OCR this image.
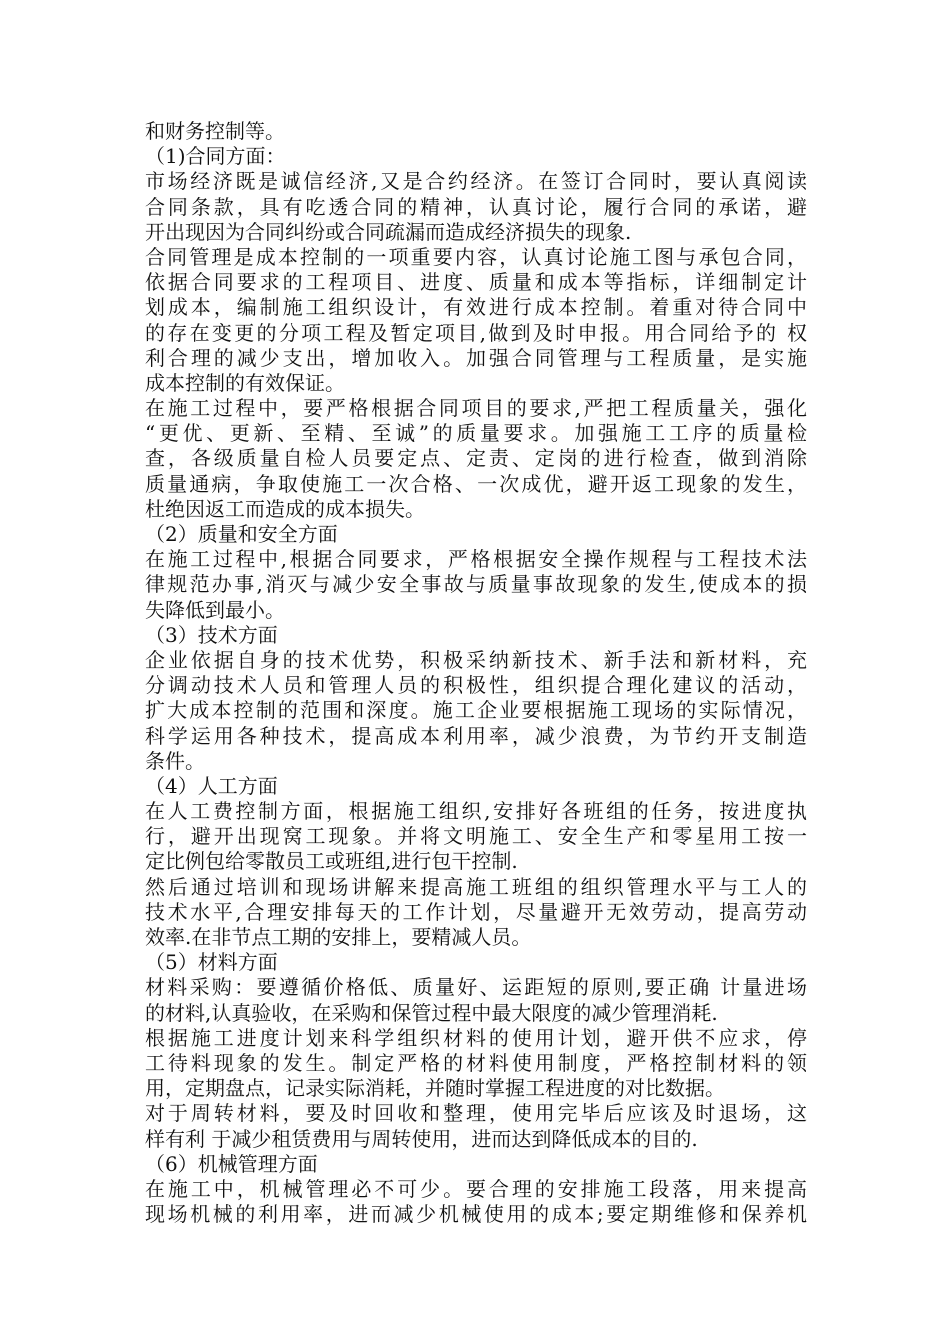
和财务控制等。
（1)合同方面：
市场经济既是诚信经济,又是合约经济。在签订合同时，要认真阅读
合同条款，具有吃透合同的精神，认真讨论，履行合同的承诺，避
开出现因为合同纠纷或合同疏漏而造成经济损失的现象.
合同管理是成本控制的一项重要内容，认真讨论施工图与承包合同，
依据合同要求的工程项目、进度、质量和成本等指标，详细制定计
划成本，编制施工组织设计，有效进行成本控制。着重对待合同中
的存在变更的分项工程及暂定项目,做到及时申报。用合同给予的 权
利合理的减少支出，增加收入。加强合同管理与工程质量，是实施
成本控制的有效保证。
在施工过程中，要严格根据合同项目的要求,严把工程质量关，强化
“更优、更新、至精、至诚”的质量要求。加强施工工序的质量检
查，各级质量自检人员要定点、定责、定岗的进行检查，做到消除
质量通病，争取使施工一次合格、一次成优，避开返工现象的发生，
杜绝因返工而造成的成本损失。
（2）质量和安全方面
在施工过程中,根据合同要求，严格根据安全操作规程与工程技术法
律规范办事,消灭与减少安全事故与质量事故现象的发生,使成本的损
失降低到最小。
（3）技术方面
企业依据自身的技术优势，积极采纳新技术、新手法和新材料，充
分调动技术人员和管理人员的积极性，组织提合理化建议的活动，
扩大成本控制的范围和深度。施工企业要根据施工现场的实际情况，
科学运用各种技术，提高成本利用率，减少浪费，为节约开支制造
条件。
（4）人工方面
在人工费控制方面，根据施工组织,安排好各班组的任务，按进度执
行，避开出现窝工现象。并将文明施工、安全生产和零星用工按一
定比例包给零散员工或班组,进行包干控制.
然后通过培训和现场讲解来提高施工班组的组织管理水平与工人的
技术水平,合理安排每天的工作计划，尽量避开无效劳动，提高劳动
效率.在非节点工期的安排上，要精减人员。
（5）材料方面
材料采购：要遵循价格低、质量好、运距短的原则,要正确 计量进场
的材料,认真验收，在采购和保管过程中最大限度的减少管理消耗.
根据施工进度计划来科学组织材料的使用计划，避开供不应求，停
工待料现象的发生。制定严格的材料使用制度，严格控制材料的领
用，定期盘点，记录实际消耗，并随时掌握工程进度的对比数据。
对于周转材料，要及时回收和整理，使用完毕后应该及时退场，这
样有利 于减少租赁费用与周转使用，进而达到降低成本的目的.
（6）机械管理方面
在施工中，机械管理必不可少。要合理的安排施工段落，用来提高
现场机械的利用率，进而减少机械使用的成本;要定期维修和保养机
